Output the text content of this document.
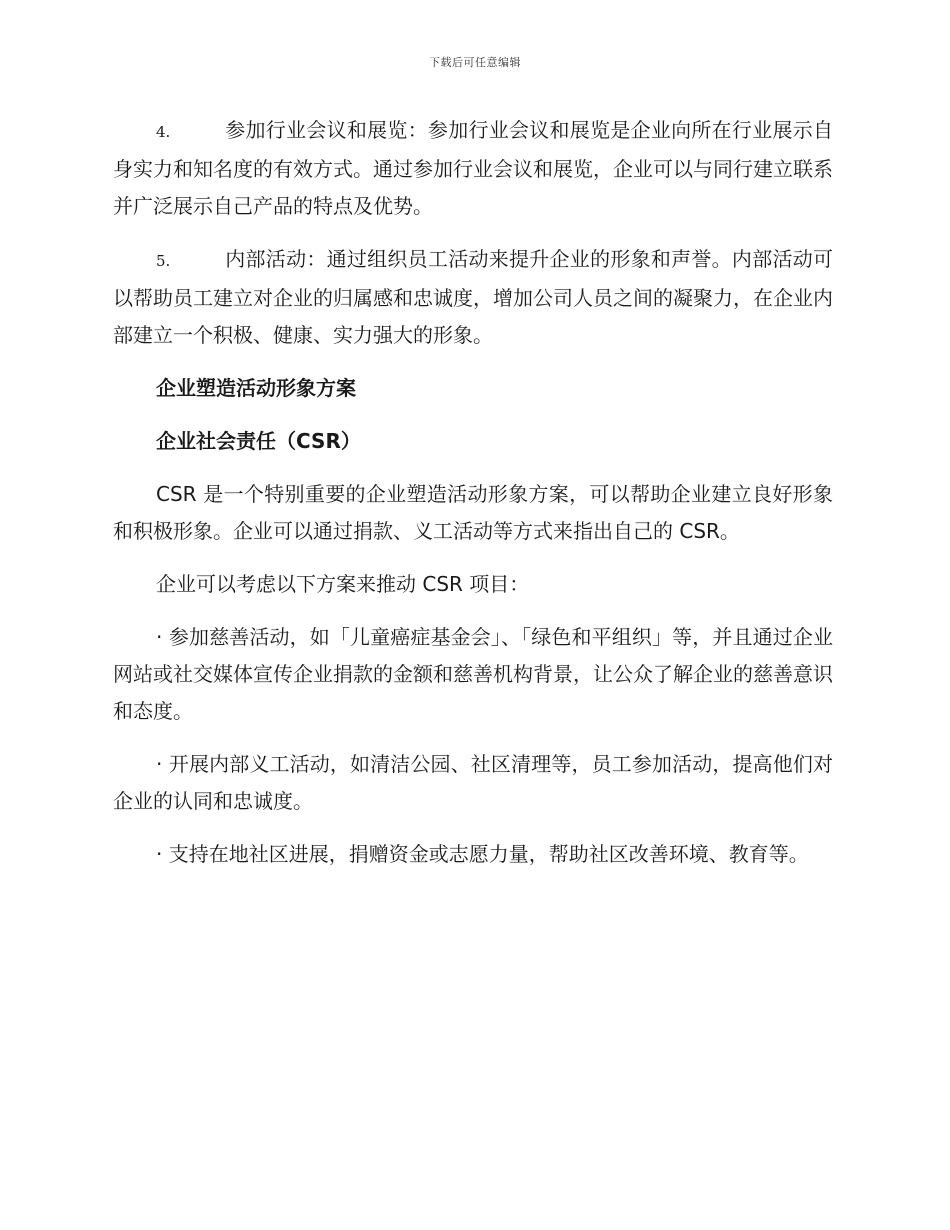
下载后可任意编辑

4.	参加行业会议和展览：参加行业会议和展览是企业向所在行业展示自身实力和知名度的有效方式。通过参加行业会议和展览，企业可以与同行建立联系并广泛展示自己产品的特点及优势。

5.	内部活动：通过组织员工活动来提升企业的形象和声誉。内部活动可以帮助员工建立对企业的归属感和忠诚度，增加公司人员之间的凝聚力，在企业内部建立一个积极、健康、实力强大的形象。

企业塑造活动形象方案
企业社会责任（CSR）

CSR 是一个特别重要的企业塑造活动形象方案，可以帮助企业建立良好形象和积极形象。企业可以通过捐款、义工活动等方式来指出自己的 CSR。

企业可以考虑以下方案来推动 CSR 项目：

· 参加慈善活动，如「儿童癌症基金会」、「绿色和平组织」等，并且通过企业网站或社交媒体宣传企业捐款的金额和慈善机构背景，让公众了解企业的慈善意识和态度。

· 开展内部义工活动，如清洁公园、社区清理等，员工参加活动，提高他们对企业的认同和忠诚度。

· 支持在地社区进展，捐赠资金或志愿力量，帮助社区改善环境、教育等。
